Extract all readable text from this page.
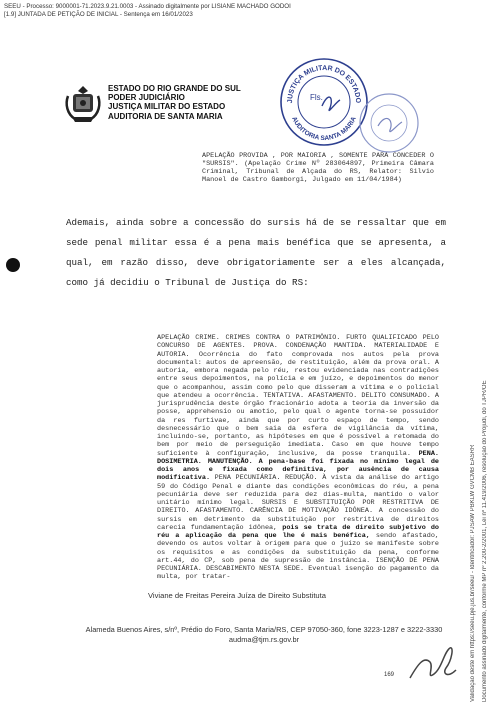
SEEU - Processo: 9000001-71.2023.9.21.0003 - Assinado digitalmente por LISIANE MACHADO GODOI
[1.9] JUNTADA DE PETIÇÃO DE INICIAL - Sentença em 16/01/2023
Documento assinado digitalmente, conforme MP nº 2.200-2/2001, Lei nº 11.419/2006, resolução do Projudi, do TJPR/OE
Validação deste em https://seeu.pje.jus.br/seeu/ - Identificador: PJSAW PBKLW GVCMB EASRR
ESTADO DO RIO GRANDE DO SUL
PODER JUDICIÁRIO
JUSTIÇA MILITAR DO ESTADO
AUDITORIA DE SANTA MARIA
JUSTIÇA MILITAR DO ESTADO
AUDITORIA SANTA MARIA
Fls.
APELAÇÃO PROVIDA , POR MAIORIA , SOMENTE PARA CONCEDER O "SURSIS". (Apelação Crime Nº 283064897, Primeira Câmara Criminal, Tribunal de Alçada do RS, Relator: Silvio Manoel de Castro Gamborgi, Julgado em 11/04/1984)
Ademais, ainda sobre a concessão do sursis há de se ressaltar que em sede penal militar essa é a pena mais benéfica que se apresenta, a qual, em razão disso, deve obrigatoriamente ser a eles alcançada, como já decidiu o Tribunal de Justiça do RS:
APELAÇÃO CRIME. CRIMES CONTRA O PATRIMÔNIO. FURTO QUALIFICADO PELO CONCURSO DE AGENTES. PROVA. CONDENAÇÃO MANTIDA. MATERIALIDADE E AUTORIA. Ocorrência do fato comprovada nos autos pela prova documental: autos de apreensão, de restituição, além da prova oral. A autoria, embora negada pelo réu, restou evidenciada nas contradições entre seus depoimentos, na polícia e em juízo, e depoimentos do menor que o acompanhou, assim como pelo que disseram a vítima e o policial que atendeu a ocorrência. TENTATIVA. AFASTAMENTO. DELITO CONSUMADO. A jurisprudência deste órgão fracionário adota a teoria da inversão da posse, apprehensio ou amotio, pelo qual o agente torna-se possuidor da res furtivae, ainda que por curto espaço de tempo, sendo desnecessário que o bem saia da esfera de vigilância da vítima, incluindo-se, portanto, as hipóteses em que é possível a retomada do bem por meio de perseguição imediata. Caso em que houve tempo suficiente à configuração, inclusive, da posse tranquila. PENA. DOSIMETRIA. MANUTENÇÃO. A pena-base foi fixada no mínimo legal de dois anos e fixada como definitiva, por ausência de causa modificativa. PENA PECUNIÁRIA. REDUÇÃO. À vista da análise do artigo 59 do Código Penal e diante das condições econômicas do réu, a pena pecuniária deve ser reduzida para dez dias-multa, mantido o valor unitário mínimo legal. SURSIS E SUBSTITUIÇÃO POR RESTRITIVA DE DIREITO. AFASTAMENTO. CARÊNCIA DE MOTIVAÇÃO IDÔNEA. A concessão do sursis em detrimento da substituição por restritiva de direitos carecia fundamentação idônea, pois se trata de direito subjetivo do réu a aplicação da pena que lhe é mais benéfica, sendo afastado, devendo os autos voltar à origem para que o juízo se manifeste sobre os requisitos e as condições da substituição da pena, conforme art.44, do CP, sob pena de supressão de instância. ISENÇÃO DE PENA PECUNIÁRIA. DESCABIMENTO NESTA SEDE. Eventual isenção do pagamento da multa, por tratar-
Viviane de Freitas Pereira Juíza de Direito Substituta
Alameda Buenos Aires, s/nº, Prédio do Foro, Santa Maria/RS, CEP 97050-360, fone 3223-1287 e 3222-3330
audma@tjm.rs.gov.br
169
